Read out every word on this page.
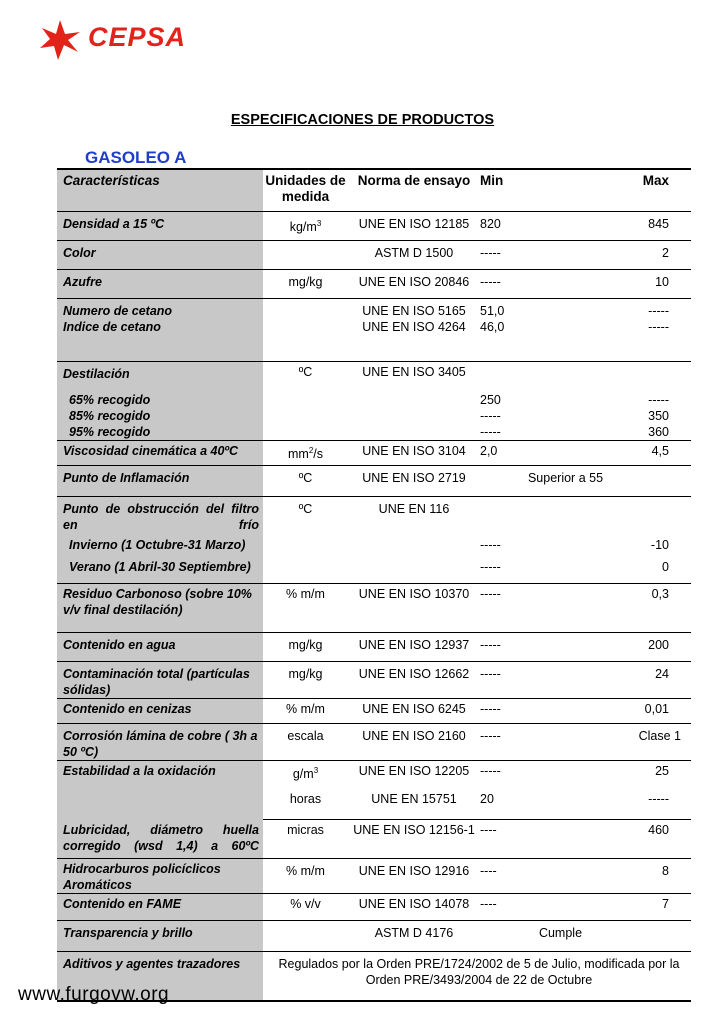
CEPSA
ESPECIFICACIONES DE PRODUCTOS
GASOLEO A
Características	Unidades de medida	Norma de ensayo	Min	Max
Densidad a 15 ºC	$kg/m^3$	UNE EN ISO 12185	820	845
Color		ASTM D 1500	-----	2
Azufre	mg/kg	UNE EN ISO 20846	-----	10
Numero de cetano		UNE EN ISO 5165	51,0	-----
Indice de cetano		UNE EN ISO 4264	46,0	-----
Destilación	ºC	UNE EN ISO 3405		
65% recogido			250	-----
85% recogido			-----	350
95% recogido			-----	360
Viscosidad cinemática a 40ºC	$mm^2/s$	UNE EN ISO 3104	2,0	4,5
Punto de Inflamación	ºC	UNE EN ISO 2719	Superior a 55	

Punto de obstrucción del filtro en frío	ºC	UNE EN 116		
Invierno (1 Octubre-31 Marzo)			-----	-10
Verano (1 Abril-30 Septiembre)			-----	0
Residuo Carbonoso (sobre 10% v/v final destilación)	% m/m	UNE EN ISO 10370	-----	0,3
Contenido en agua	mg/kg	UNE EN ISO 12937	-----	200
Contaminación total (partículas sólidas)	mg/kg	UNE EN ISO 12662	-----	24
Contenido en cenizas	% m/m	UNE EN ISO 6245	-----	0,01
Corrosión lámina de cobre ( 3h a 50 ºC)	escala	UNE EN ISO 2160	-----	Clase 1
Estabilidad a la oxidación	$g/m^3$	UNE EN ISO 12205	-----	25
	horas	UNE EN 15751	20	-----

Lubricidad, diámetro huella corregido (wsd 1,4) a 60ºC	micras	UNE EN ISO 12156-1	----	460
Hidrocarburos policíclicos Aromáticos	% m/m	UNE EN ISO 12916	----	8
Contenido en FAME	% v/v	UNE EN ISO 14078	----	7
Transparencia y brillo		ASTM D 4176	Cumple	
Aditivos y agentes trazadores	Regulados por la Orden PRE/1724/2002 de 5 de Julio, modificada por la Orden PRE/3493/2004 de 22 de Octubre			
www.furgovw.org
